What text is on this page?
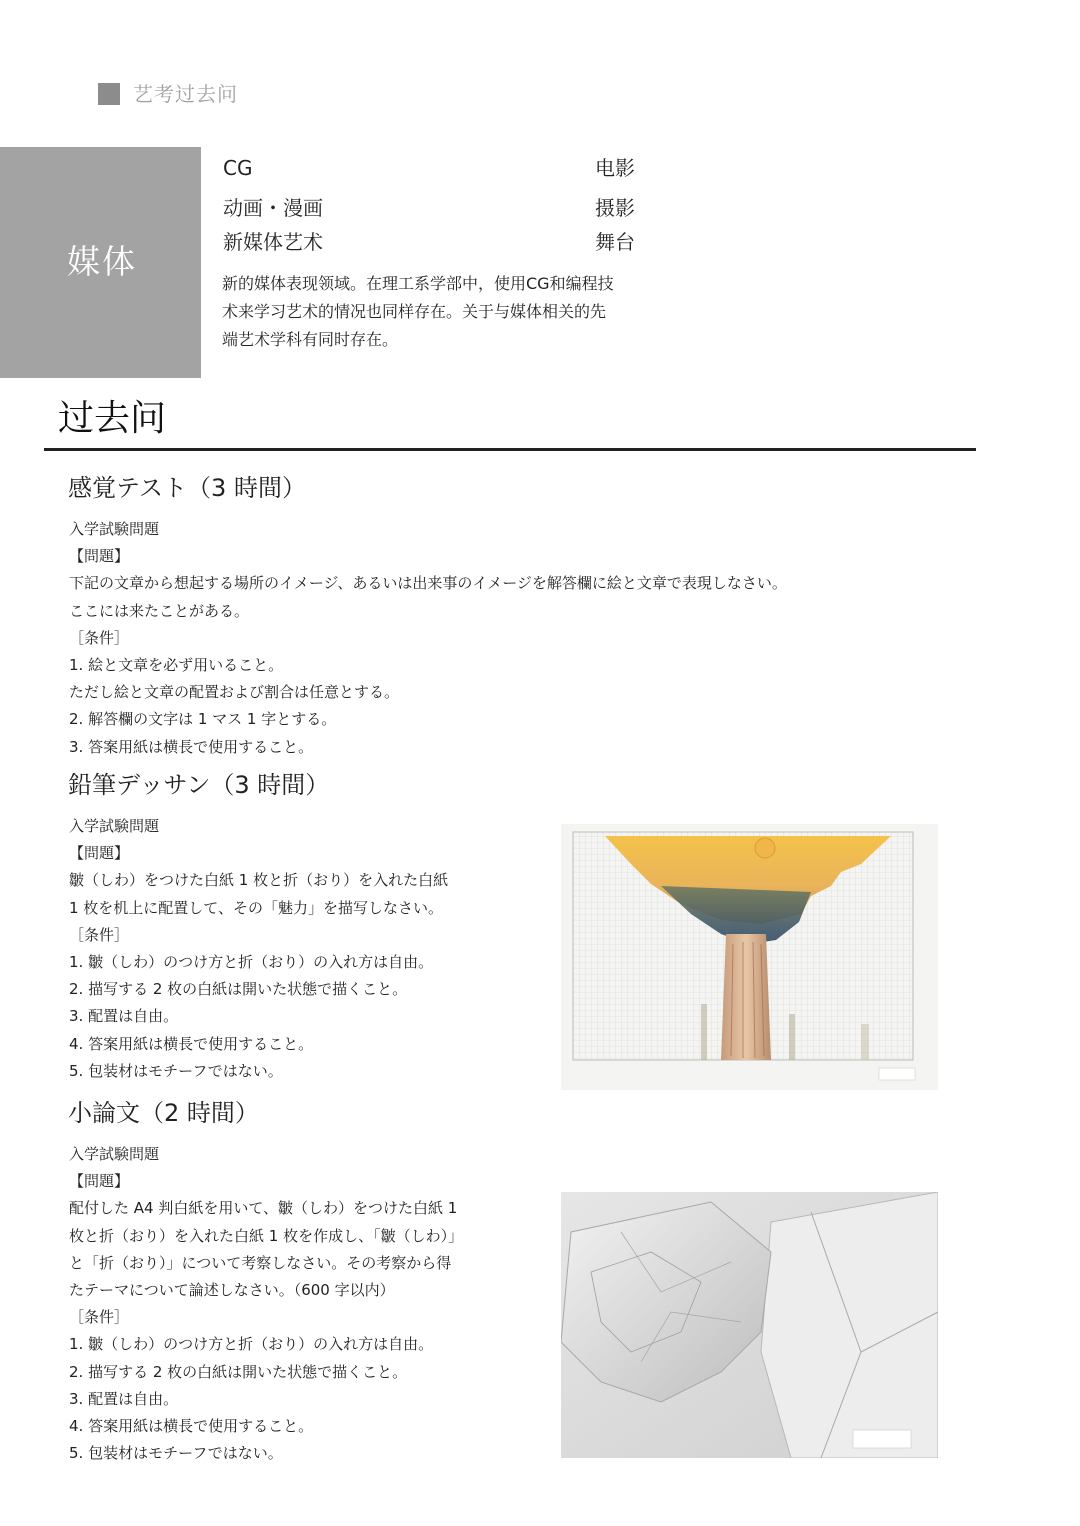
艺考过去问
媒体
CG
动画・漫画
新媒体艺术
电影
摄影
舞台
新的媒体表现领域。在理工系学部中，使用CG和编程技
术来学习艺术的情况也同样存在。关于与媒体相关的先
端艺术学科有同时存在。
过去问
感覚テスト（3 時間）
入学試験問題
【問題】
下記の文章から想起する場所のイメージ、あるいは出来事のイメージを解答欄に絵と文章で表現しなさい。
ここには来たことがある。
［条件］
1. 絵と文章を必ず用いること。
ただし絵と文章の配置および割合は任意とする。
2. 解答欄の文字は 1 マス 1 字とする。
3. 答案用紙は横長で使用すること。
鉛筆デッサン（3 時間）
入学試験問題
【問題】
皺（しわ）をつけた白紙 1 枚と折（おり）を入れた白紙
1 枚を机上に配置して、その「魅力」を描写しなさい。
［条件］
1. 皺（しわ）のつけ方と折（おり）の入れ方は自由。
2. 描写する 2 枚の白紙は開いた状態で描くこと。
3. 配置は自由。
4. 答案用紙は横長で使用すること。
5. 包装材はモチーフではない。
小論文（2 時間）
入学試験問題
【問題】
配付した A4 判白紙を用いて、皺（しわ）をつけた白紙 1
枚と折（おり）を入れた白紙 1 枚を作成し、「皺（しわ）」
と「折（おり）」について考察しなさい。その考察から得
たテーマについて論述しなさい。（600 字以内）
［条件］
1. 皺（しわ）のつけ方と折（おり）の入れ方は自由。
2. 描写する 2 枚の白紙は開いた状態で描くこと。
3. 配置は自由。
4. 答案用紙は横長で使用すること。
5. 包装材はモチーフではない。
